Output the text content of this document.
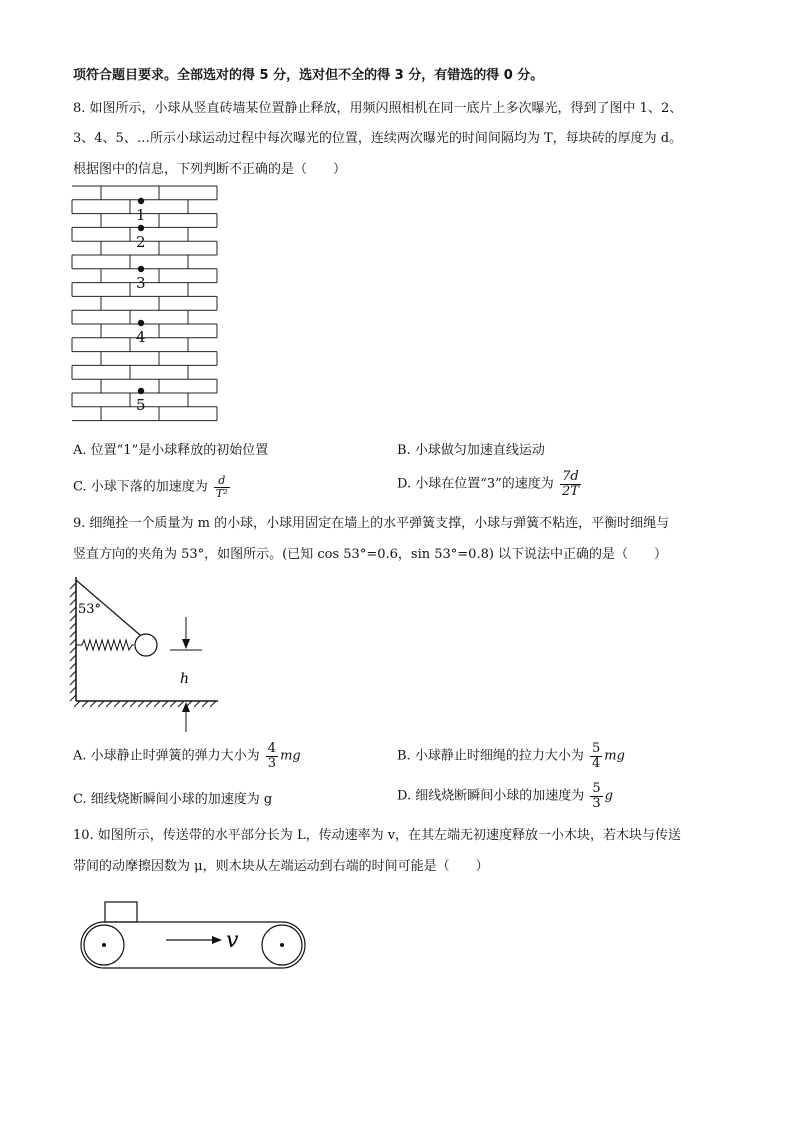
项符合题目要求。全部选对的得 5 分，选对但不全的得 3 分，有错选的得 0 分。
8. 如图所示，小球从竖直砖墙某位置静止释放，用频闪照相机在同一底片上多次曝光，得到了图中 1、2、
3、4、5、…所示小球运动过程中每次曝光的位置，连续两次曝光的时间间隔均为 T，每块砖的厚度为 d。
根据图中的信息，下列判断不正确的是（　　）
1
2
3
4
5
A. 位置“1”是小球释放的初始位置	B. 小球做匀加速直线运动
C. 小球下落的加速度为 $\frac{d}{\text{T²}}$	D. 小球在位置“3”的速度为 $\frac{7d}{2T}$
9. 细绳拴一个质量为 m 的小球，小球用固定在墙上的水平弹簧支撑，小球与弹簧不粘连，平衡时细绳与
竖直方向的夹角为 53°，如图所示。(已知 cos 53°=0.6，sin 53°=0.8) 以下说法中正确的是（　　）
53°
h
A. 小球静止时弹簧的弹力大小为 $\frac{4}{3}$ mg	B. 小球静止时细绳的拉力大小为 $\frac{5}{4}$ mg
C. 细线烧断瞬间小球的加速度为 g	D. 细线烧断瞬间小球的加速度为 $\frac{5}{3}$ g
10. 如图所示，传送带的水平部分长为 L，传动速率为 v，在其左端无初速度释放一小木块，若木块与传送
带间的动摩擦因数为 μ，则木块从左端运动到右端的时间可能是（　　）
v
